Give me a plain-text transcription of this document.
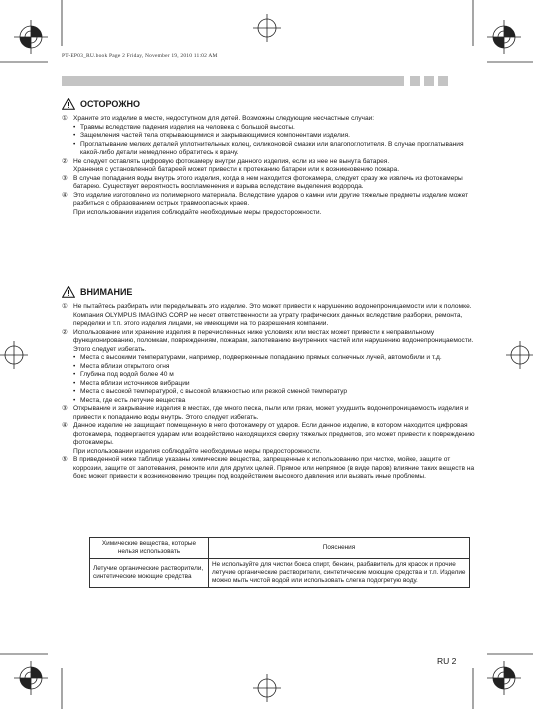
PT-EP03_RU.book Page 2 Friday, November 19, 2010 11:02 AM
ОСТОРОЖНО
① Храните это изделие в месте, недоступном для детей. Возможны следующие несчастные случаи:
• Травмы вследствие падения изделия на человека с большой высоты.
• Защемления частей тела открывающимися и закрывающимися компонентами изделия.
• Проглатывание мелких деталей уплотнительных колец, силиконовой смазки или влагопоглотителя. В случае проглатывания какой-либо детали немедленно обратитесь к врачу.
② Не следует оставлять цифровую фотокамеру внутри данного изделия, если из нее не вынута батарея.
Хранения с установленной батареей может привести к протеканию батареи или к возникновению пожара.
③ В случае попадания воды внутрь этого изделия, когда в нем находится фотокамера, следует сразу же извлечь из фотокамеры батарею. Существует вероятность воспламенения и взрыва вследствие выделения водорода.
④ Это изделие изготовлено из полимерного материала. Вследствие ударов о камни или другие тяжелые предметы изделие может разбиться с образованием острых травмоопасных краев.
При использовании изделия соблюдайте необходимые меры предосторожности.
ВНИМАНИЕ
① Не пытайтесь разбирать или переделывать это изделие. Это может привести к нарушению водонепроницаемости или к поломке. Компания OLYMPUS IMAGING CORP не несет ответственности за утрату графических данных вследствие разборки, ремонта, переделки и т.п. этого изделия лицами, не имеющими на то разрешения компании.
② Использование или хранение изделия в перечисленных ниже условиях или местах может привести к неправильному функционированию, поломкам, повреждениям, пожарам, запотеванию внутренних частей или нарушению водонепроницаемости. Этого следует избегать.
• Места с высокими температурами, например, подверженные попаданию прямых солнечных лучей, автомобили и т.д.
• Места вблизи открытого огня
• Глубина под водой более 40 м
• Места вблизи источников вибрации
• Места с высокой температурой, с высокой влажностью или резкой сменой температур
• Места, где есть летучие вещества
③ Открывание и закрывание изделия в местах, где много песка, пыли или грязи, может ухудшить водонепроницаемость изделия и привести к попаданию воды внутрь. Этого следует избегать.
④ Данное изделие не защищает помещенную в него фотокамеру от ударов. Если данное изделие, в котором находится цифровая фотокамера, подвергается ударам или воздействию находящихся сверху тяжелых предметов, это может привести к повреждению фотокамеры.
При использовании изделия соблюдайте необходимые меры предосторожности.
⑤ В приведенной ниже таблице указаны химические вещества, запрещенные к использованию при чистке, мойке, защите от коррозии, защите от запотевания, ремонте или для других целей. Прямое или непрямое (в виде паров) влияние таких веществ на бокс может привести к возникновению трещин под воздействием высокого давления или вызвать иные проблемы.
Химические вещества, которые нельзя использовать	Пояснения
Летучие органические растворители, синтетические моющие средства	Не используйте для чистки бокса спирт, бензин, разбавитель для красок и прочие летучие органические растворители, синтетические моющие средства и т.п. Изделие можно мыть чистой водой или использовать слегка подогретую воду.
RU 2
